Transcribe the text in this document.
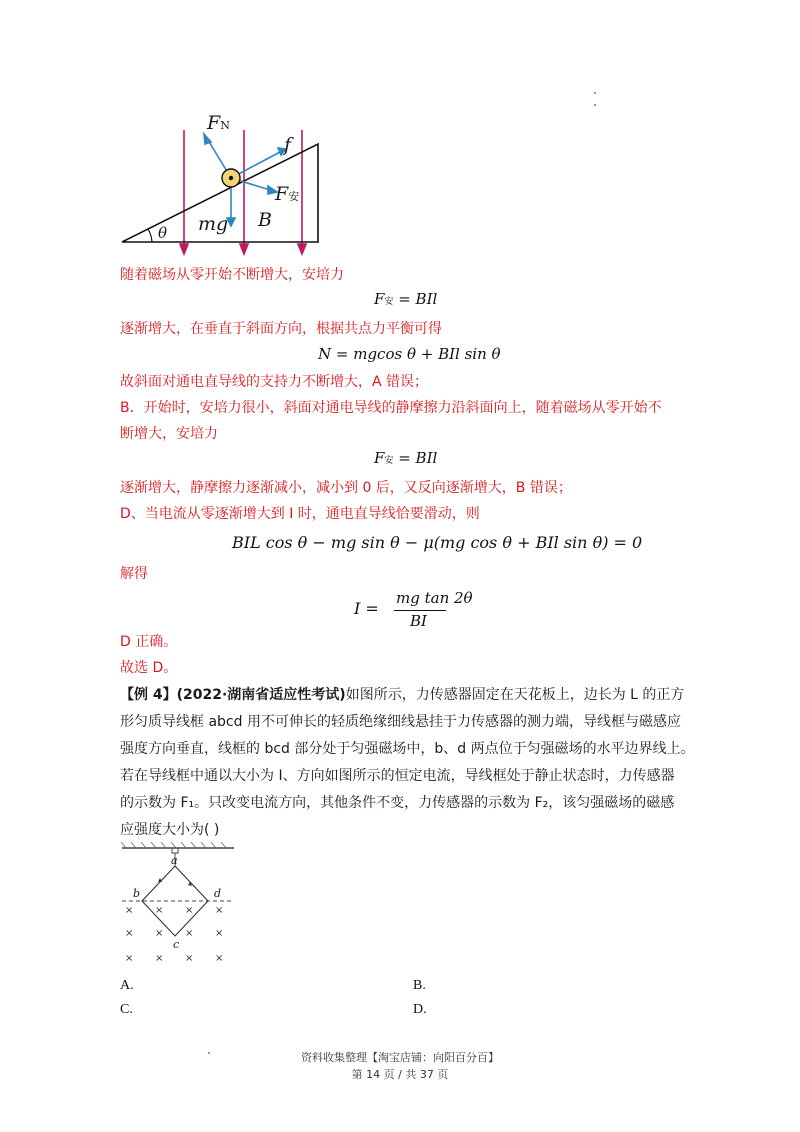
FN
f
F安
mg B
θ
随着磁场从零开始不断增大，安培力
F安 = BIl
逐渐增大，在垂直于斜面方向，根据共点力平衡可得
N = mgcos θ + BIl sin θ
故斜面对通电直导线的支持力不断增大，A 错误；
B．开始时，安培力很小，斜面对通电导线的静摩擦力沿斜面向上，随着磁场从零开始不
断增大，安培力
F安 = BIl
逐渐增大，静摩擦力逐渐减小，减小到 0 后，又反向逐渐增大，B 错误；
D、当电流从零逐渐增大到 I 时，通电直导线恰要滑动，则
BIL cos θ − mg sin θ − μ(mg cos θ + BIl sin θ) = 0
解得
I =
mg tan 2θ
BI
D 正确。
故选 D。
【例 4】(2022·湖南省适应性考试)如图所示，力传感器固定在天花板上，边长为 L 的正方
形匀质导线框 abcd 用不可伸长的轻质绝缘细线悬挂于力传感器的测力端，导线框与磁感应
强度方向垂直，线框的 bcd 部分处于匀强磁场中，b、d 两点位于匀强磁场的水平边界线上。
若在导线框中通以大小为 I、方向如图所示的恒定电流，导线框处于静止状态时，力传感器
的示数为 F₁。只改变电流方向，其他条件不变，力传感器的示数为 F₂，该匀强磁场的磁感
应强度大小为( )
a
b	d
c
× × × ×
× × × ×
× × × ×
A.	B.
C.	D.
资料收集整理【淘宝店铺：向阳百分百】
第 14 页 / 共 37 页
